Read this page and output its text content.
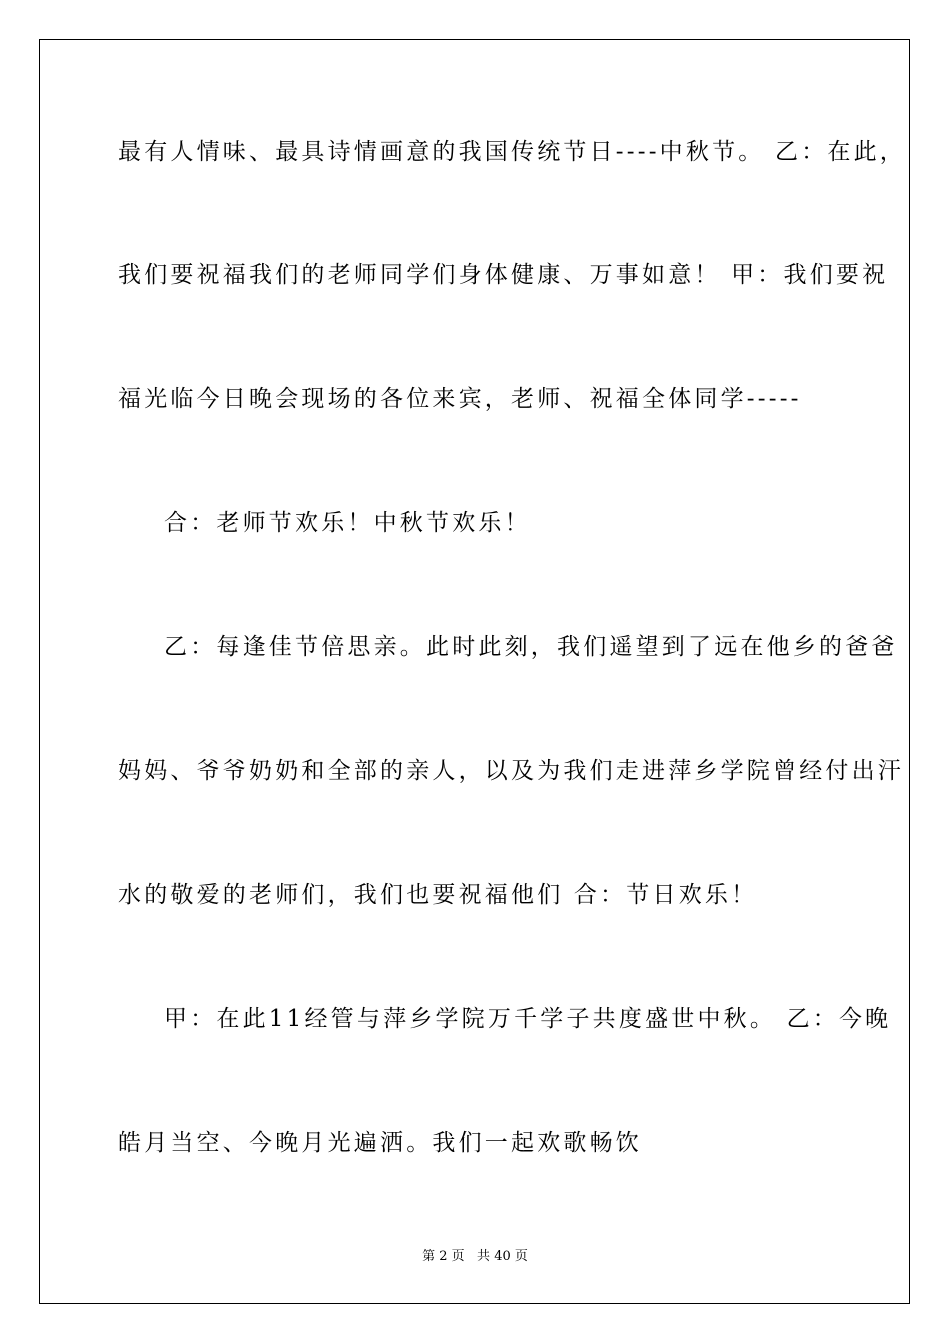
最有人情味、最具诗情画意的我国传统节日----中秋节。 乙：在此，
我们要祝福我们的老师同学们身体健康、万事如意！ 甲：我们要祝
福光临今日晚会现场的各位来宾，老师、祝福全体同学-----
合：老师节欢乐！中秋节欢乐！
乙：每逢佳节倍思亲。此时此刻，我们遥望到了远在他乡的爸爸
妈妈、爷爷奶奶和全部的亲人，以及为我们走进萍乡学院曾经付出汗
水的敬爱的老师们，我们也要祝福他们 合：节日欢乐！
甲：在此11经管与萍乡学院万千学子共度盛世中秋。 乙：今晚
皓月当空、今晚月光遍洒。我们一起欢歌畅饮
第 2 页   共 40 页
